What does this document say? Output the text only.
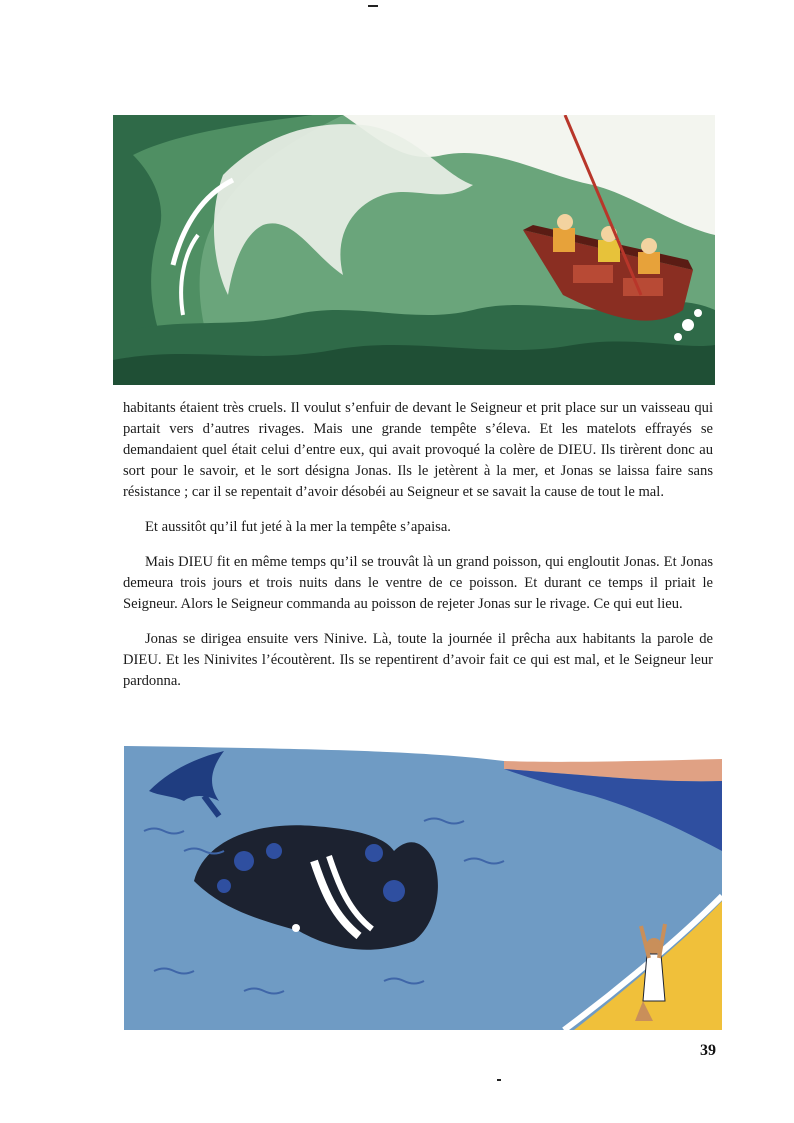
habitants étaient très cruels. Il voulut s’enfuir de devant le Seigneur et prit place sur un vaisseau qui partait vers d’autres rivages. Mais une grande tempête s’éleva. Et les matelots effrayés se demandaient quel était celui d’entre eux, qui avait provoqué la colère de DIEU. Ils tirèrent donc au sort pour le savoir, et le sort désigna Jonas. Ils le jetèrent à la mer, et Jonas se laissa faire sans résistance ; car il se repentait d’avoir désobéi au Seigneur et se savait la cause de tout le mal.

Et aussitôt qu’il fut jeté à la mer la tempête s’apaisa.

Mais DIEU fit en même temps qu’il se trouvât là un grand poisson, qui engloutit Jonas. Et Jonas demeura trois jours et trois nuits dans le ventre de ce poisson. Et durant ce temps il priait le Seigneur. Alors le Seigneur commanda au poisson de rejeter Jonas sur le rivage. Ce qui eut lieu.

Jonas se dirigea ensuite vers Ninive. Là, toute la journée il prêcha aux habitants la parole de DIEU. Et les Ninivites l’écoutèrent. Ils se repentirent d’avoir fait ce qui est mal, et le Seigneur leur pardonna.

39
